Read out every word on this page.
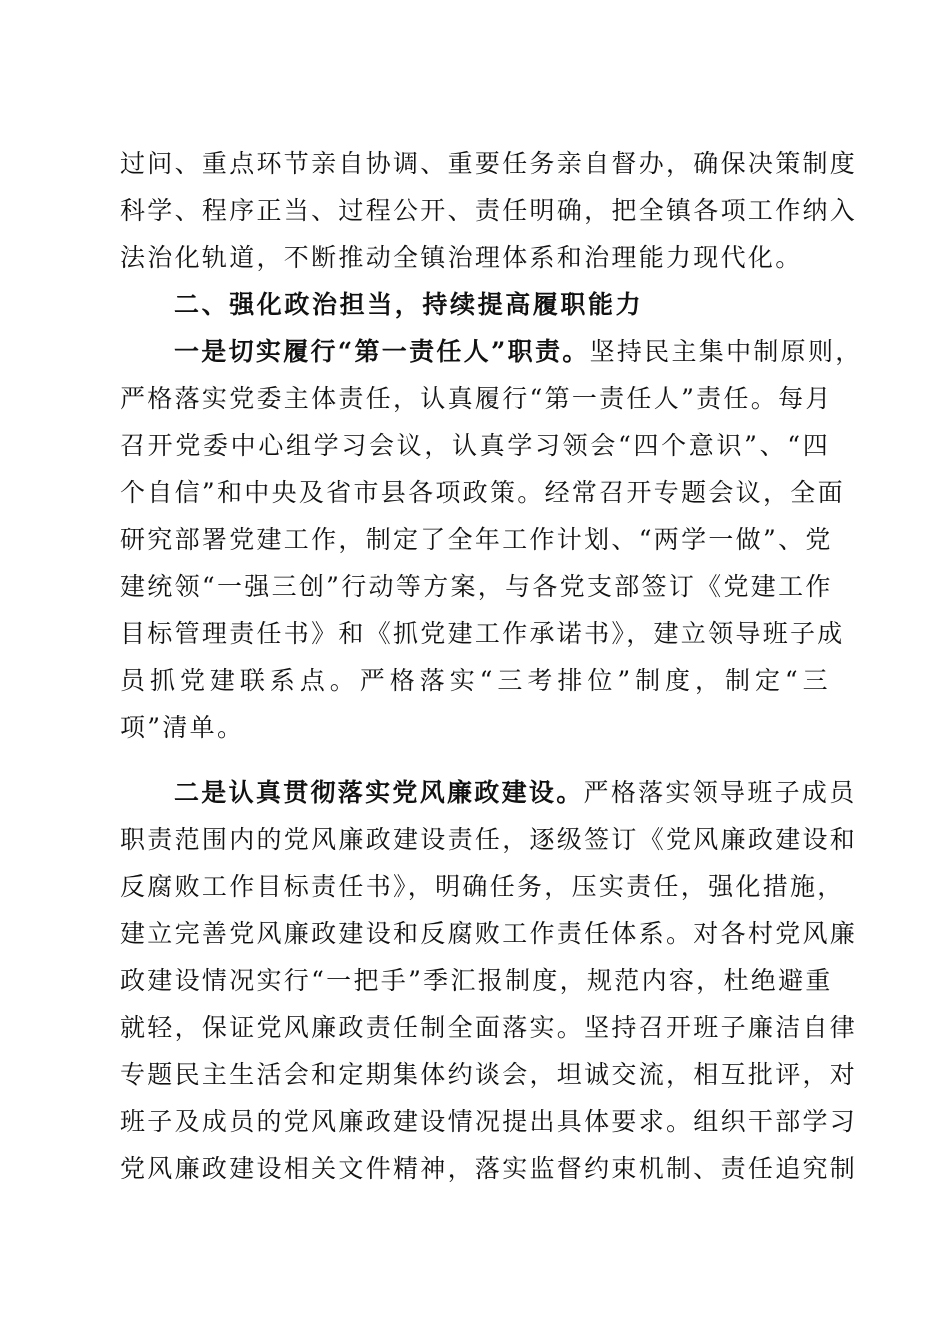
过问、重点环节亲自协调、重要任务亲自督办，确保决策制度
科学、程序正当、过程公开、责任明确，把全镇各项工作纳入
法治化轨道，不断推动全镇治理体系和治理能力现代化。
二、强化政治担当，持续提高履职能力
一是切实履行“第一责任人”职责。坚持民主集中制原则，
严格落实党委主体责任，认真履行“第一责任人”责任。每月
召开党委中心组学习会议，认真学习领会“四个意识”、“四
个自信”和中央及省市县各项政策。经常召开专题会议，全面
研究部署党建工作，制定了全年工作计划、“两学一做”、党
建统领“一强三创”行动等方案，与各党支部签订《党建工作
目标管理责任书》和《抓党建工作承诺书》，建立领导班子成
员抓党建联系点。严格落实“三考排位”制度，制定“三
项”清单。
二是认真贯彻落实党风廉政建设。严格落实领导班子成员
职责范围内的党风廉政建设责任，逐级签订《党风廉政建设和
反腐败工作目标责任书》，明确任务，压实责任，强化措施，
建立完善党风廉政建设和反腐败工作责任体系。对各村党风廉
政建设情况实行“一把手”季汇报制度，规范内容，杜绝避重
就轻，保证党风廉政责任制全面落实。坚持召开班子廉洁自律
专题民主生活会和定期集体约谈会，坦诚交流，相互批评，对
班子及成员的党风廉政建设情况提出具体要求。组织干部学习
党风廉政建设相关文件精神，落实监督约束机制、责任追究制
